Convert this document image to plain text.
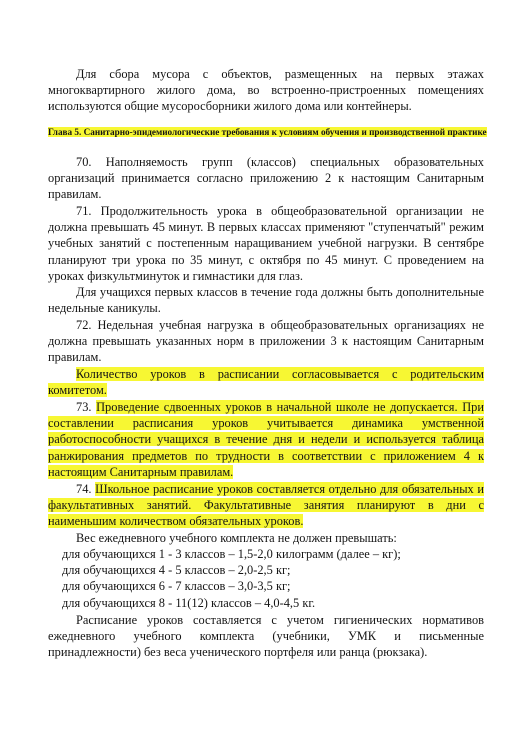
Для сбора мусора с объектов, размещенных на первых этажах многоквартирного жилого дома, во встроенно-пристроенных помещениях используются общие мусоросборники жилого дома или контейнеры.
Глава 5. Санитарно-эпидемиологические требования к условиям обучения и производственной практике
70. Наполняемость групп (классов) специальных образовательных организаций принимается согласно приложению 2 к настоящим Санитарным правилам.
71. Продолжительность урока в общеобразовательной организации не должна превышать 45 минут. В первых классах применяют "ступенчатый" режим учебных занятий с постепенным наращиванием учебной нагрузки. В сентябре планируют три урока по 35 минут, с октября по 45 минут. С проведением на уроках физкультминуток и гимнастики для глаз.
Для учащихся первых классов в течение года должны быть дополнительные недельные каникулы.
72. Недельная учебная нагрузка в общеобразовательных организациях не должна превышать указанных норм в приложении 3 к настоящим Санитарным правилам.
Количество уроков в расписании согласовывается с родительским комитетом.
73. Проведение сдвоенных уроков в начальной школе не допускается. При составлении расписания уроков учитывается динамика умственной работоспособности учащихся в течение дня и недели и используется таблица ранжирования предметов по трудности в соответствии с приложением 4 к настоящим Санитарным правилам.
74. Школьное расписание уроков составляется отдельно для обязательных и факультативных занятий. Факультативные занятия планируют в дни с наименьшим количеством обязательных уроков.
Вес ежедневного учебного комплекта не должен превышать:
для обучающихся 1 - 3 классов – 1,5-2,0 килограмм (далее – кг);
для обучающихся 4 - 5 классов – 2,0-2,5 кг;
для обучающихся 6 - 7 классов – 3,0-3,5 кг;
для обучающихся 8 - 11(12) классов – 4,0-4,5 кг.
Расписание уроков составляется с учетом гигиенических нормативов ежедневного учебного комплекта (учебники, УМК и письменные принадлежности) без веса ученического портфеля или ранца (рюкзака).
